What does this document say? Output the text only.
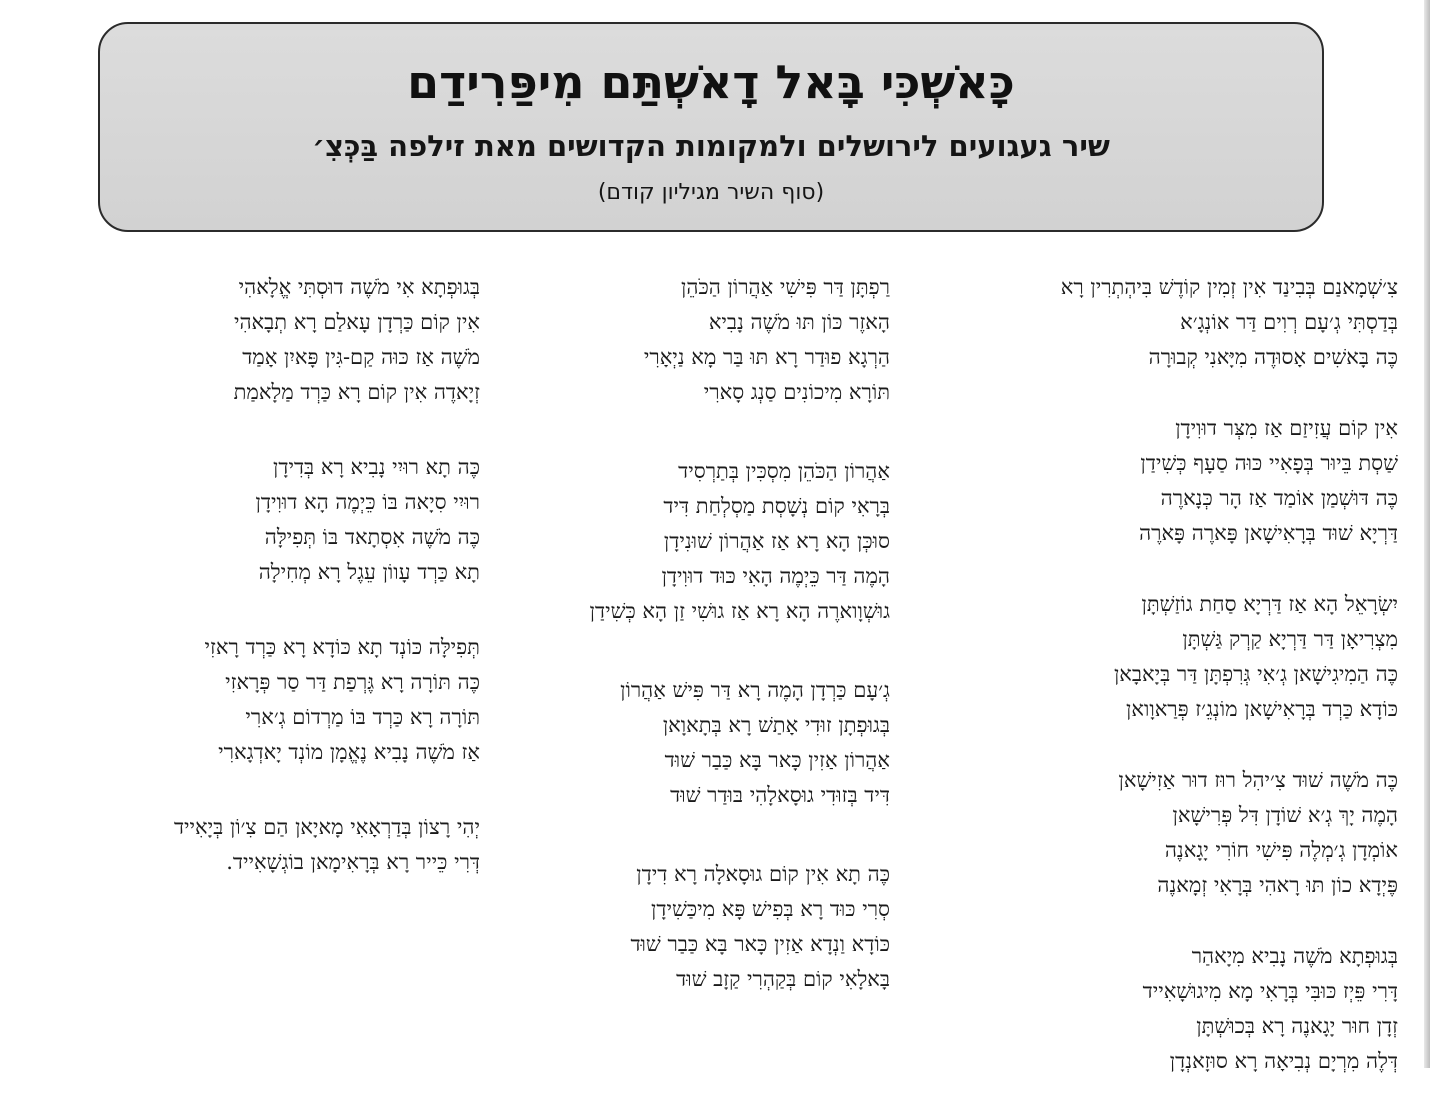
כָּאשְׁכִּי בָּאל דָאשְׁתַּם מִיפַּרִידַם
שיר געגועים לירושלים ולמקומות הקדושים מאת זילפה בַּכְּצִ׳
(סוף השיר מגיליון קודם)
צִ׳שְׁמָאנַם בְּבִינַד אִין זְמִין קוֹדֶשׁ בִּיהְתְרִין רָא
בְּדַסְתִּי גְ׳עָם רְוִים דַּר אוֹנְגָ׳א
כֶּה בָּאשִׁים אָסוּדֶה מִיָּאנִי קְבוּרָה
אִין קוֹם עֲזִיזַם אַז מִצְּר דוּוִידָן
שַׁסְת בֵּיוּר בְּפָאִיי כּוּה סַעָף כְּשִׁידַן
כֶּה דּוּשְׁמַן אוֹמַד אַז הָר כְּנָארֶה
דַּרְיָא שׁוּד בְּרָאִישָׁאן פָּארֶה פָּארֶה
יִשְׂרָאֵל הָא אַז דַּרְיָא סַחַת גוֹזַשְׁתָּן
מִצְרִיאָן דַּר דַּרְיָא קַרְק גַּשְׁתָּן
כֶּה הַמִיגִישָׁאן גְ׳אִי גְּרִפְתָּן דַּר בְּיָאבָאן
כּוֹדָא כַּרְד בְּרָאִישָׁאן מוֹנְגֵ׳ז פְּרַאוָואן
כֶּה מֹשֶׁה שׁוּד צִ׳יהִל רוּז דוּר אַזִישָׁאן
הָמֶה יָךְ גְ׳א שׁוֹדָן דִּל פְּרִישָׁאן
אוֹמְדָן גְ׳מְלֶה פִּישִׁי חוֹרִי יָגָאנֶה
פֶּיְדָא כוֹן תּוּ רָאהִי בְּרָאִי זְמָאנֶה
בְּגוּפְתָא מֹשֶׁה נָבִיא מִיָאהַר
דָּרִי פֵּיְז כּוּבִּי בְּרָאִי מָא מִיגוּשָׁאִייד
זְדָן חוּר יָגָאנֶה רָא בְּכוּשְׁתָּן
דְּלֶה מִרְיָם נְבִיאָה רָא סוּזָאנְדָן
רַפְתָּן דַּר פִּישִׁי אַהֲרוֹן הַכֹּהֵן
הָאזֶר כּוֹן תּוּ מֹשֶׁה נָבִיא
הַרְגָא פוּדַר רָא תּוּ בַּר מָא נַיְאָרִי
תּוֹרָא מִיכוֹנִים סַנְג סָארִי
אַהֲרוֹן הַכֹּהֵן מִסְכִּין בְּתַרְסִיד
בְּרָאִי קוֹם נְשָׁסְת מַסְלְחַת דִּיד
סוּכְּן הָא רָא אַז אַהֲרוֹן שׁוּנִידָן
הָמֶה דַּר כֵּיְמֶה הָאִי כּוּד דוּוִידָן
גוּשְׁוָוארֶה הָא רָא אַז גוּשִׁי זַן הָא כְּשִׁידַן
גְ׳עָם כַּרְדָן הָמֶה רָא דַּר פִּישׁ אַהֲרוֹן
בְּגוּפְתָן זוּדִי אָתַשׁ רָא בְּתָאוָאן
אַהֲרוֹן אַזִין כָּאר בָּא כַּבַר שׁוּד
דִּיד בְּזוּדִי גוּסָאלָהִי בּוּדַר שׁוּד
כֶּה תָא אִין קוֹם גוּסָאלָה רָא דִידָן
סְרִי כּוּד רָא בְּפִישׁ פָּא מִיכַּשִׁידָן
כּוֹדָא וַנְדָא אַזִין כָּאר בָּא כַּבַר שׁוּד
בָּאלָאִי קוֹם בְּקַהְרִי קַזָב שׁוּד
בְּגוּפְתָא אִי מֹשֶׁה דוּסְתִּי אֱלָאהִי
אִין קוֹם כַּרְדָן עָאלַם רָא תְבָאהִי
מֹשֶׁה אַז כּוּה קַם-גִּין פָּאיִן אָמַד
זְיָאדֶה אִין קוֹם רָא כַּרְד מַלָאמַת
כֶּה תָא רוּיִי נָבִיא רָא בְּדִידָן
רוּיִי סִיָאה בּוֹ כֵּיְמֶה הָא דוּוִידָן
כֶּה מֹשֶׁה אִסְתָאד בּוֹ תְּפִילָּה
תָא כַּרְד עָווֹן עֵגֶל רָא מְחִילָה
תְּפִילָּה כּוֹנְד תָא כּוֹדָא רָא כַּרְד רָאזִי
כֶּה תּוֹרָה רָא גֶּרְפַת דַּר סַר פְּרָאזִי
תּוֹרָה רָא כַּרְד בּוֹ מַרְדוֹם גְ׳ארִי
אַז מֹשֶׁה נָבִיא נֶאֱמָן מוֹנְד יָאדְגָארִי
יְהִי רָצוֹן בְּדַרְאָאִי מָאיָאן הַם צִ׳וֹן בְּיָאִייד
דְּרִי כֵּייר רָא בְּרָאִימָאן בוֹגְשָׁאִייד.
